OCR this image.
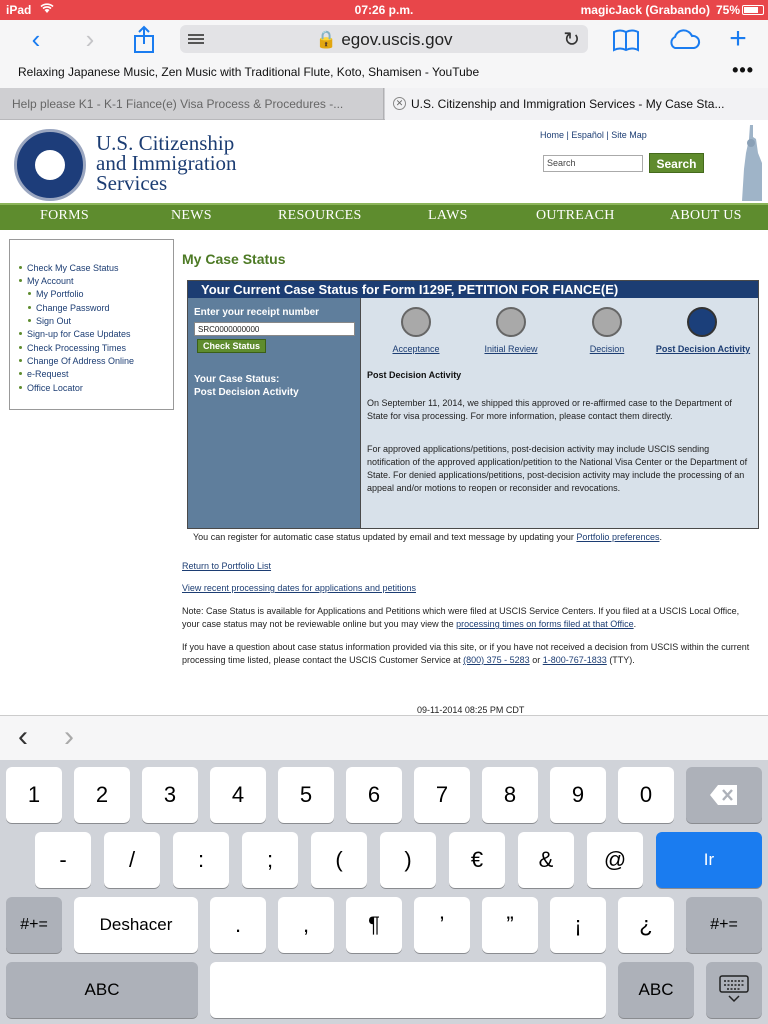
iPad	07:26 p.m.	magicJack (Grabando) 75%
‹	›	🔒 egov.uscis.gov	↻	+
Relaxing Japanese Music, Zen Music with Traditional Flute, Koto, Shamisen - YouTube	•••
Help please K1 - K-1 Fiance(e) Visa Process & Procedures -...	✕ U.S. Citizenship and Immigration Services - My Case Sta...
U.S. Citizenship
and Immigration
Services
Home | Español | Site Map
Search	Search
FORMS	NEWS	RESOURCES	LAWS	OUTREACH	ABOUT US
Check My Case Status
My Account
My Portfolio
Change Password
Sign Out
Sign-up for Case Updates
Check Processing Times
Change Of Address Online
e-Request
Office Locator
My Case Status
Your Current Case Status for Form I129F, PETITION FOR FIANCE(E)
Enter your receipt number
SRC0000000000
Check Status
Your Case Status:
Post Decision Activity
Acceptance	Initial Review	Decision	Post Decision Activity
Post Decision Activity
On September 11, 2014, we shipped this approved or re-affirmed case to the Department of State for visa processing. For more information, please contact them directly.
For approved applications/petitions, post-decision activity may include USCIS sending notification of the approved application/petition to the National Visa Center or the Department of State. For denied applications/petitions, post-decision activity may include the processing of an appeal and/or motions to reopen or reconsider and revocations.
You can register for automatic case status updated by email and text message by updating your Portfolio preferences.
Return to Portfolio List
View recent processing dates for applications and petitions
Note: Case Status is available for Applications and Petitions which were filed at USCIS Service Centers. If you filed at a USCIS Local Office, your case status may not be reviewable online but you may view the processing times on forms filed at that Office.
If you have a question about case status information provided via this site, or if you have not received a decision from USCIS within the current processing time listed, please contact the USCIS Customer Service at (800) 375 - 5283 or 1-800-767-1833 (TTY).
09-11-2014 08:25 PM CDT
‹ ›
1	2	3	4	5	6	7	8	9	0
-	/	:	;	(	)	€	&	@	Ir
#+=	Deshacer	.	,	¶	’	”	¡	¿	#+=
ABC	ABC
